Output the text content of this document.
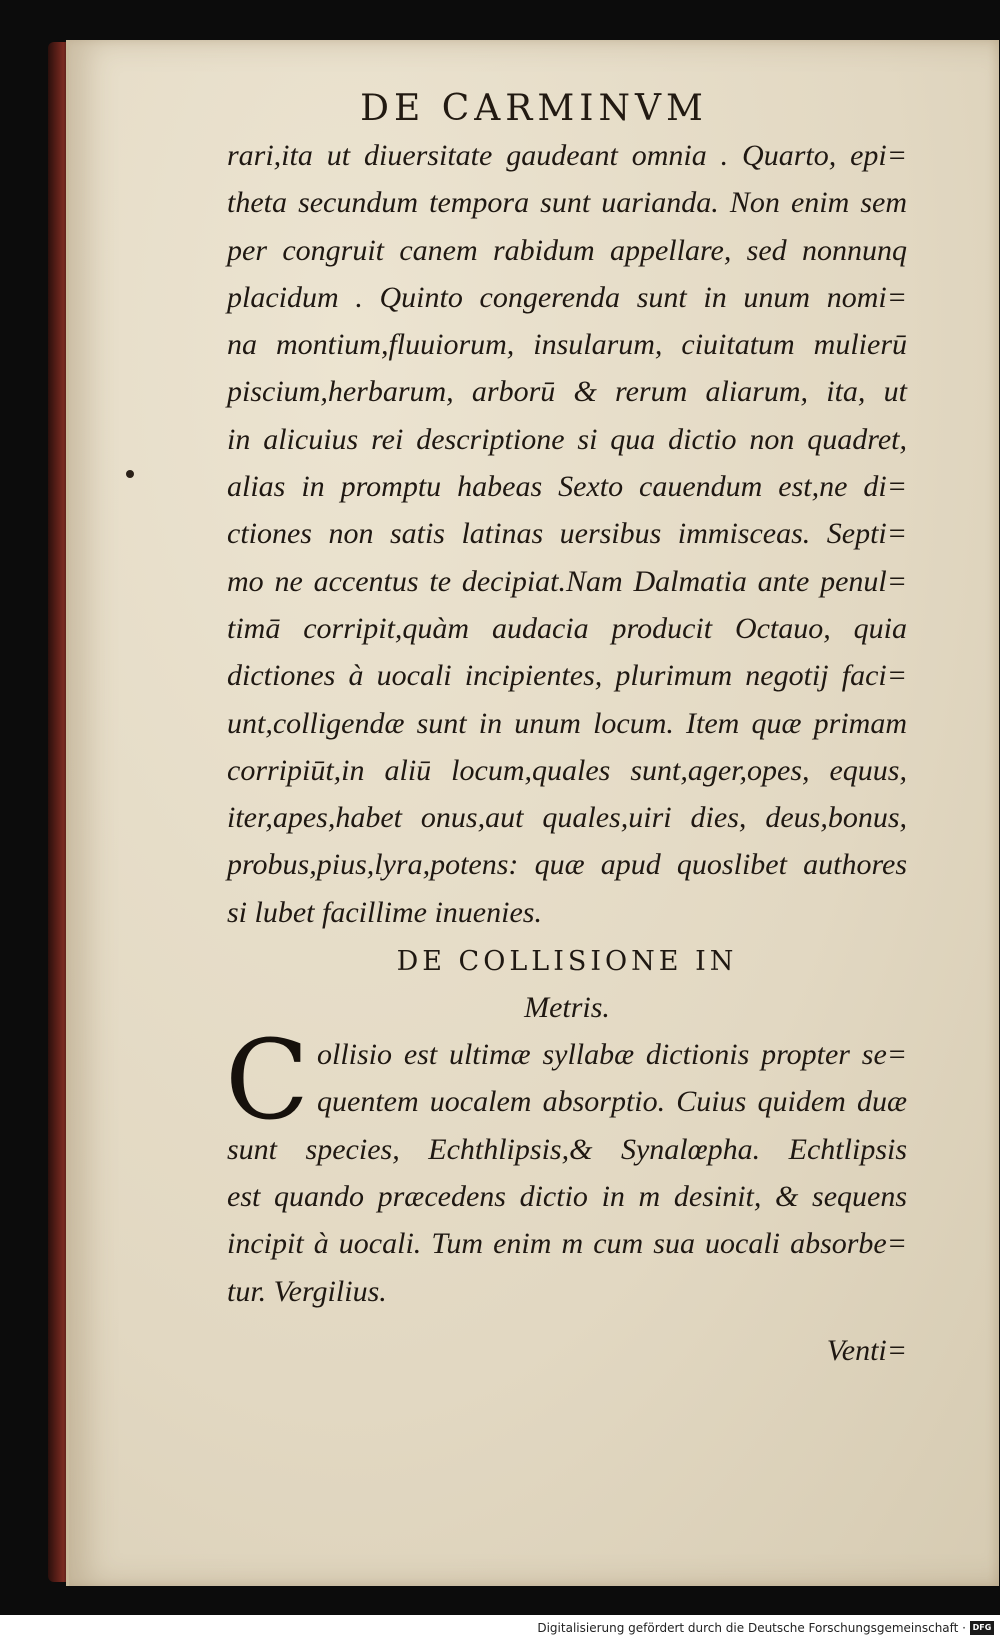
DE CARMINVM
rari,ita ut diuersitate gaudeant omnia . Quarto, epi=
theta secundum tempora sunt uarianda. Non enim sem
per congruit canem rabidum appellare, sed nonnunq
placidum . Quinto congerenda sunt in unum nomi=
na montium,fluuiorum, insularum, ciuitatum mulierū
piscium,herbarum, arborū & rerum aliarum, ita, ut
in alicuius rei descriptione si qua dictio non quadret,
alias in promptu habeas Sexto cauendum est,ne di=
ctiones non satis latinas uersibus immisceas. Septi=
mo ne accentus te decipiat.Nam Dalmatia ante penul=
timā corripit,quàm audacia producit Octauo, quia
dictiones à uocali incipientes, plurimum negotij faci=
unt,colligendæ sunt in unum locum. Item quæ primam
corripiūt,in aliū locum,quales sunt,ager,opes, equus,
iter,apes,habet onus,aut quales,uiri dies, deus,bonus,
probus,pius,lyra,potens: quæ apud quoslibet authores
si lubet facillime inuenies.
DE COLLISIONE IN
Metris.
C ollisio est ultimæ syllabæ dictionis propter se=
quentem uocalem absorptio. Cuius quidem duæ
sunt species, Echthlipsis,& Synalœpha. Echtlipsis
est quando præcedens dictio in m desinit, & sequens
incipit à uocali. Tum enim m cum sua uocali absorbe=
tur. Vergilius.
Venti=
Digitalisierung gefördert durch die Deutsche Forschungsgemeinschaft · DFG
